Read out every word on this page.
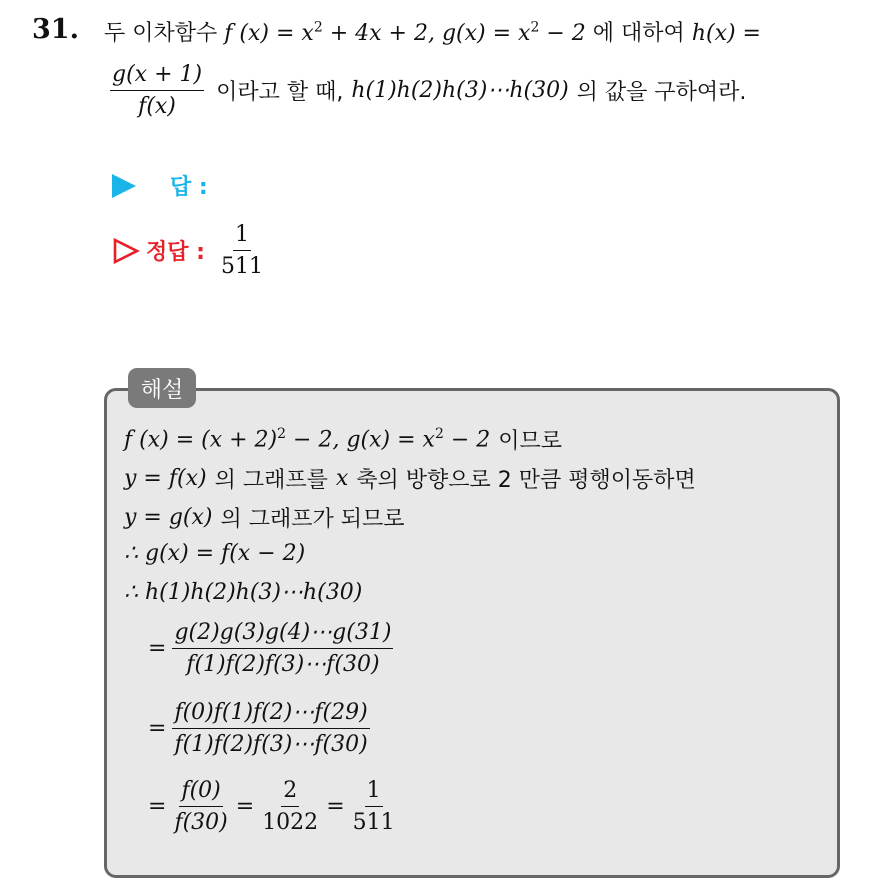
31. 두 이차함수 f $(x) = x^2 + 4x + 2$, $g(x) = x^2 - 2$ 에 대하여 h(x) =
$\frac{g(x + 1)}{f(x)}$ 이라고 할 때, h(1)h(2)h(3)⋯h(30) 의 값을 구하여라.
답 :
정답 : $\frac{1}{511}$
해설
f $(x) = (x + 2)^2 - 2$, $g(x) = x^2 - 2$ 이므로
y = f(x) 의 그래프를 x 축의 방향으로 2 만큼 평행이동하면
y = g(x) 의 그래프가 되므로
∴ g(x) = f(x − 2)
∴ h(1)h(2)h(3)⋯h(30)
= $\frac{g(2)g(3)g(4)\cdots g(31)}{f(1)f(2)f(3)\cdots f(30)}$
= $\frac{f(0)f(1)f(2)\cdots f(29)}{f(1)f(2)f(3)\cdots f(30)}$
= $\frac{f(0)}{f(30)} = \frac{2}{1022} = \frac{1}{511}$
